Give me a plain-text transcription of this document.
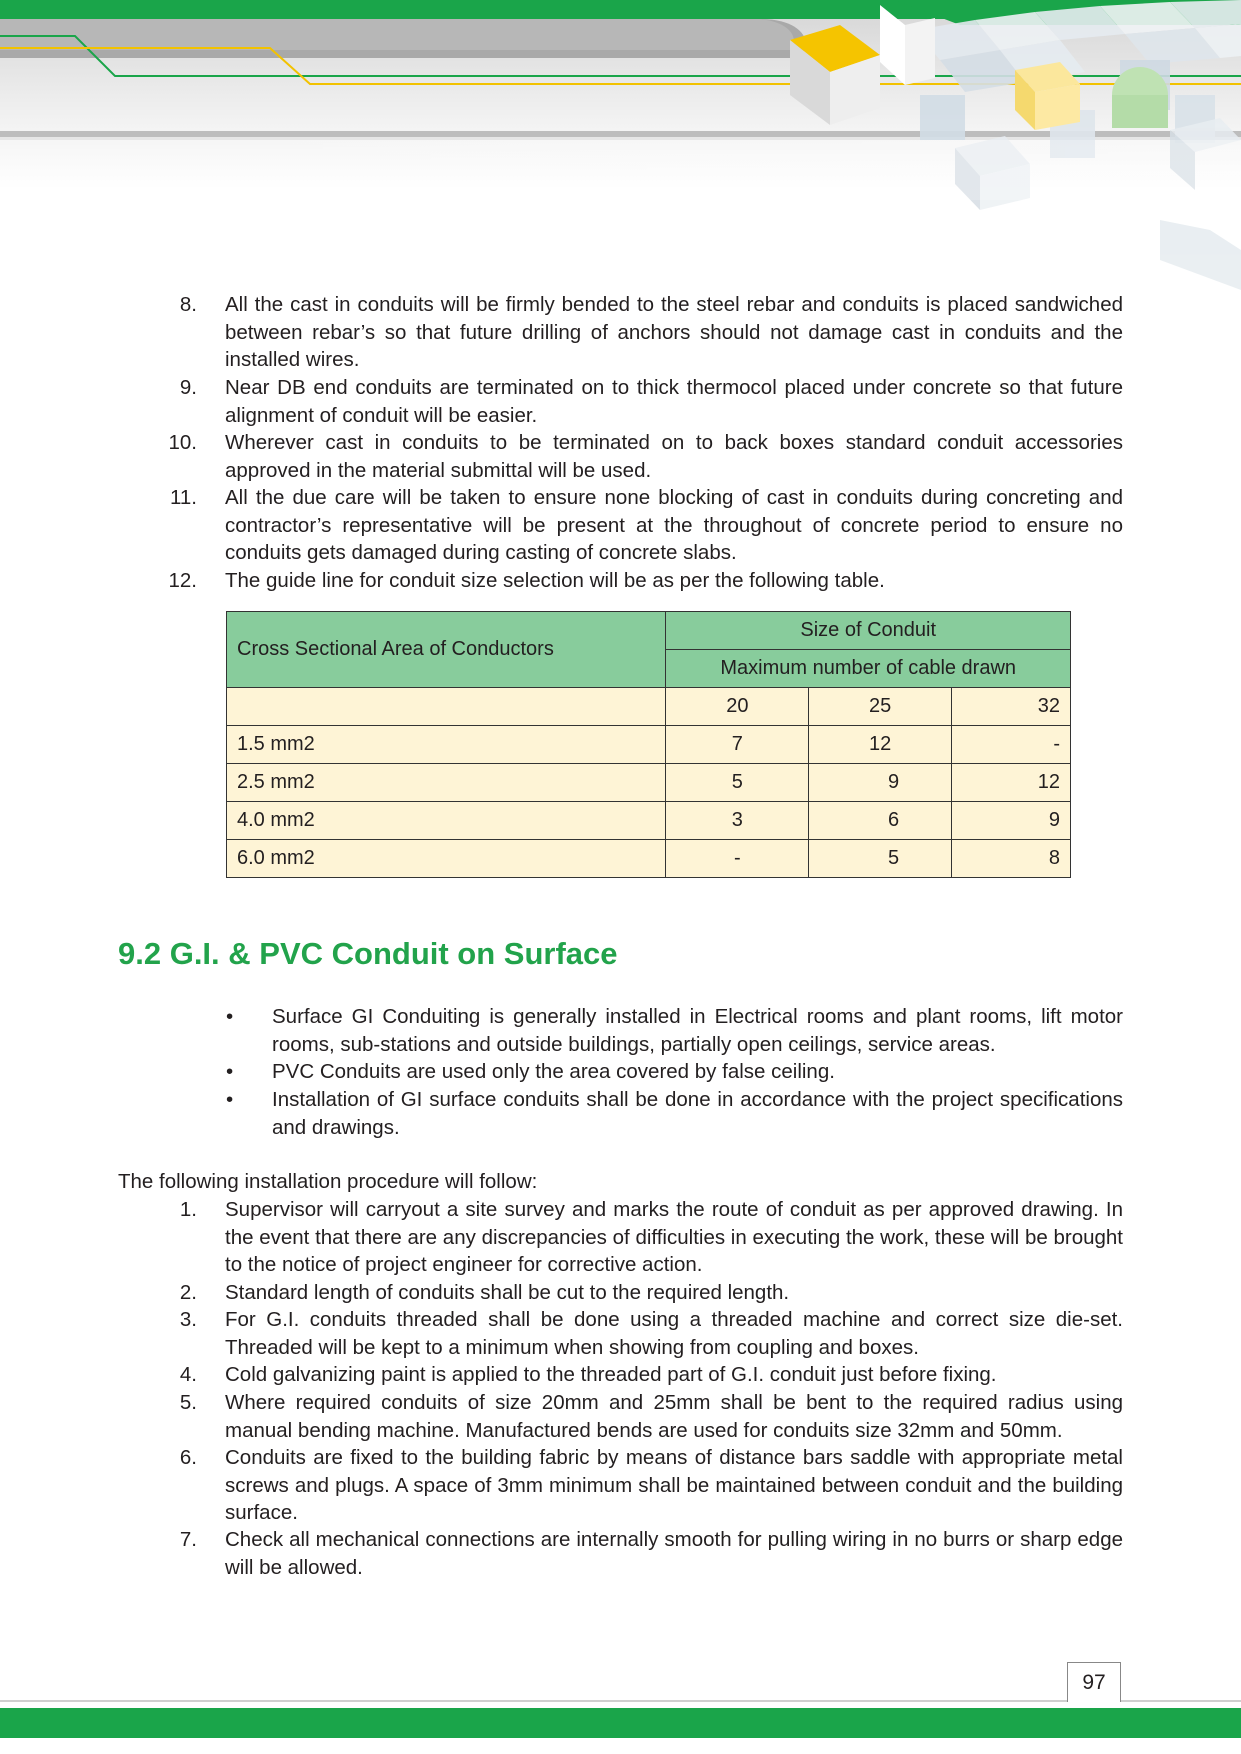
8. All the cast in conduits will be firmly bended to the steel rebar and conduits is placed sandwiched between rebar’s so that future drilling of anchors should not damage cast in conduits and the installed wires.
9. Near DB end conduits are terminated on to thick thermocol placed under concrete so that future alignment of conduit will be easier.
10. Wherever cast in conduits to be terminated on to back boxes standard conduit accessories approved in the material submittal will be used.
11. All the due care will be taken to ensure none blocking of cast in conduits during concreting and contractor’s representative will be present at the throughout of concrete period to ensure no conduits gets damaged during casting of concrete slabs.
12. The guide line for conduit size selection will be as per the following table.
Cross Sectional Area of Conductors	Size of Conduit		
	Maximum number of cable drawn		
	20	25	32
1.5 mm2	7	12	-
2.5 mm2	5	9	12
4.0 mm2	3	6	9
6.0 mm2	-	5	8
9.2 G.I. & PVC Conduit on Surface
• Surface GI Conduiting is generally installed in Electrical rooms and plant rooms, lift motor rooms, sub-stations and outside buildings, partially open ceilings, service areas.
• PVC Conduits are used only the area covered by false ceiling.
• Installation of GI surface conduits shall be done in accordance with the project specifications and drawings.
The following installation procedure will follow:
1. Supervisor will carryout a site survey and marks the route of conduit as per approved drawing. In the event that there are any discrepancies of difficulties in executing the work, these will be brought to the notice of project engineer for corrective action.
2. Standard length of conduits shall be cut to the required length.
3. For G.I. conduits threaded shall be done using a threaded machine and correct size die-set. Threaded will be kept to a minimum when showing from coupling and boxes.
4. Cold galvanizing paint is applied to the threaded part of G.I. conduit just before fixing.
5. Where required conduits of size 20mm and 25mm shall be bent to the required radius using manual bending machine. Manufactured bends are used for conduits size 32mm and 50mm.
6. Conduits are fixed to the building fabric by means of distance bars saddle with appropriate metal screws and plugs. A space of 3mm minimum shall be maintained between conduit and the building surface.
7. Check all mechanical connections are internally smooth for pulling wiring in no burrs or sharp edge will be allowed.
97
